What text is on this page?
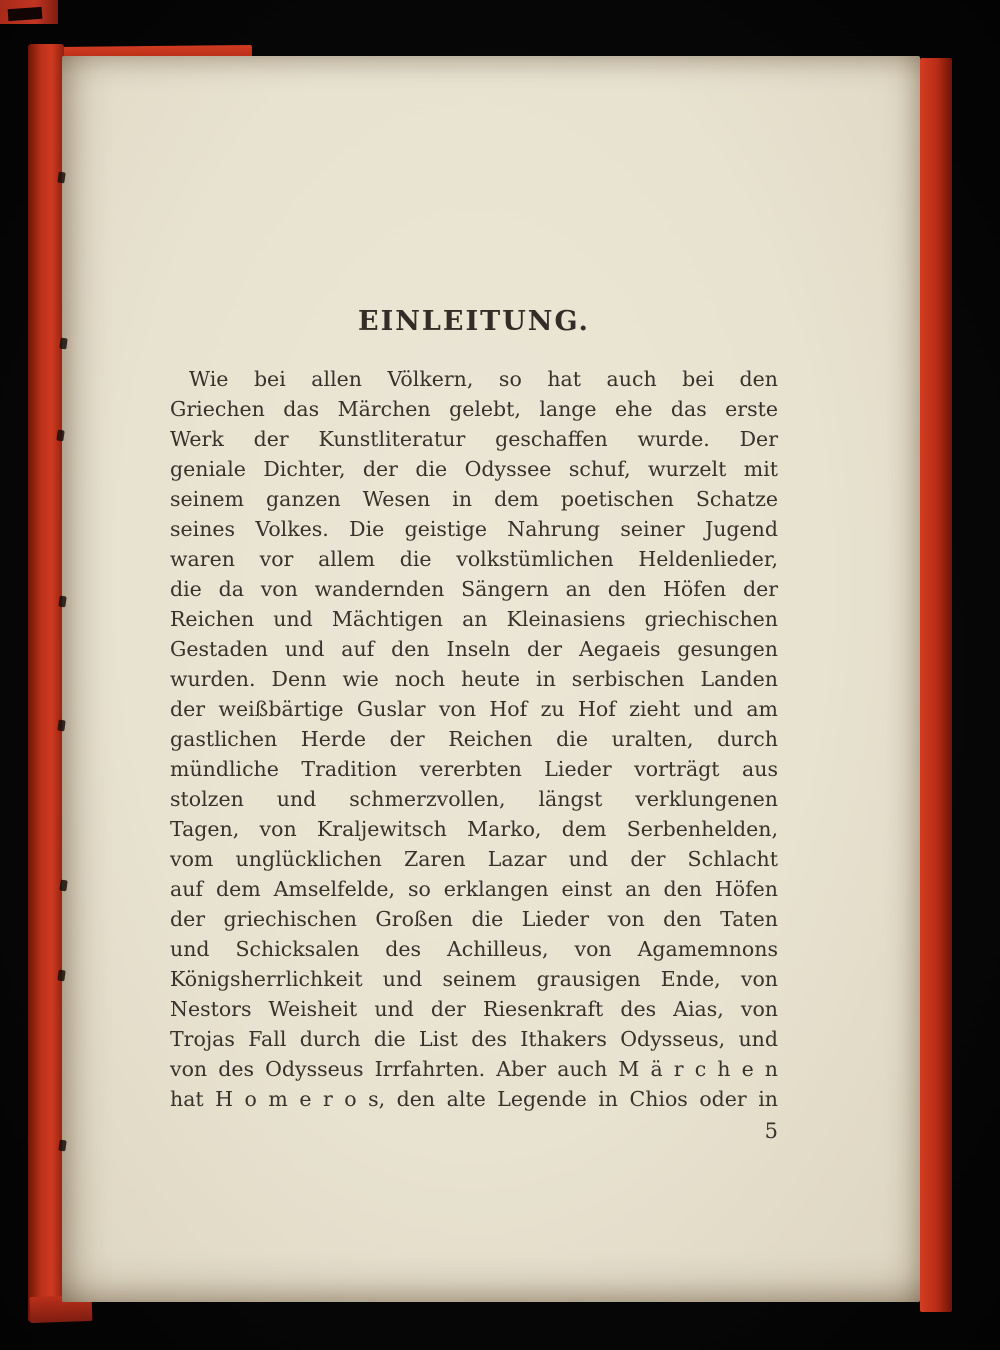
EINLEITUNG.
Wie bei allen Völkern, so hat auch bei den
Griechen das Märchen gelebt, lange ehe das erste
Werk der Kunstliteratur geschaffen wurde. Der
geniale Dichter, der die Odyssee schuf, wurzelt mit
seinem ganzen Wesen in dem poetischen Schatze
seines Volkes. Die geistige Nahrung seiner Jugend
waren vor allem die volkstümlichen Heldenlieder,
die da von wandernden Sängern an den Höfen der
Reichen und Mächtigen an Kleinasiens griechischen
Gestaden und auf den Inseln der Aegaeis gesungen
wurden. Denn wie noch heute in serbischen Landen
der weißbärtige Guslar von Hof zu Hof zieht und am
gastlichen Herde der Reichen die uralten, durch
mündliche Tradition vererbten Lieder vorträgt aus
stolzen und schmerzvollen, längst verklungenen
Tagen, von Kraljewitsch Marko, dem Serbenhelden,
vom unglücklichen Zaren Lazar und der Schlacht
auf dem Amselfelde, so erklangen einst an den Höfen
der griechischen Großen die Lieder von den Taten
und Schicksalen des Achilleus, von Agamemnons
Königsherrlichkeit und seinem grausigen Ende, von
Nestors Weisheit und der Riesenkraft des Aias, von
Trojas Fall durch die List des Ithakers Odysseus, und
von des Odysseus Irrfahrten. Aber auch M ä r c h e n
hat H o m e r o s, den alte Legende in Chios oder in
5
